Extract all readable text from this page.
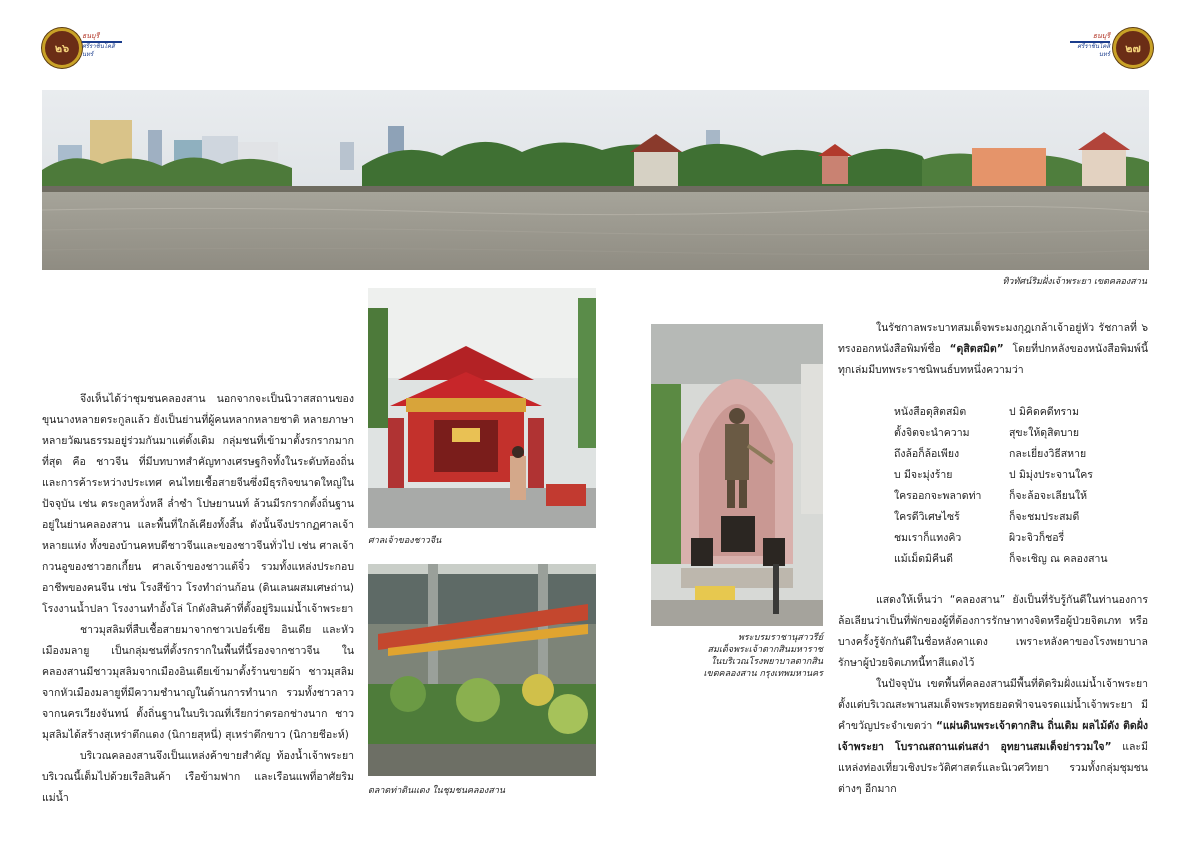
๒๖
ธนบุรี
ศรีราชินโคสินทร์
ธนบุรี
ศรีราชินโคสินทร์ ๒๗
ทิวทัศน์ริมฝั่งเจ้าพระยา เขตคลองสาน

จึงเห็นได้ว่าชุมชนคลองสาน นอกจากจะเป็นนิวาสสถานของขุนนางหลายตระกูลแล้ว ยังเป็นย่านที่ผู้คนหลากหลายชาติ หลายภาษา หลายวัฒนธรรมอยู่ร่วมกันมาแต่ดั้งเดิม กลุ่มชนที่เข้ามาตั้งรกรากมากที่สุด คือ ชาวจีน ที่มีบทบาทสำคัญทางเศรษฐกิจทั้งในระดับท้องถิ่น และการค้าระหว่างประเทศ คนไทยเชื้อสายจีนซึ่งมีธุรกิจขนาดใหญ่ในปัจจุบัน เช่น ตระกูลหวั่งหลี ล่ำซำ โปษยานนท์ ล้วนมีรกรากตั้งถิ่นฐานอยู่ในย่านคลองสาน และพื้นที่ใกล้เคียงทั้งสิ้น ดังนั้นจึงปรากฏศาลเจ้าหลายแห่ง ทั้งของบ้านคหบดีชาวจีนและของชาวจีนทั่วไป เช่น ศาลเจ้ากวนอูของชาวฮกเกี้ยน ศาลเจ้าของชาวแต้จิ๋ว รวมทั้งแหล่งประกอบอาชีพของคนจีน เช่น โรงสีข้าว โรงทำถ่านก้อน (ดินเลนผสมเศษถ่าน) โรงงานน้ำปลา โรงงานทำอั้งโล่ โกดังสินค้าที่ตั้งอยู่ริมแม่น้ำเจ้าพระยา

ชาวมุสลิมที่สืบเชื้อสายมาจากชาวเปอร์เซีย อินเดีย และหัวเมืองมลายู เป็นกลุ่มชนที่ตั้งรกรากในพื้นที่นี้รองจากชาวจีน ในคลองสานมีชาวมุสลิมจากเมืองอินเดียเข้ามาตั้งร้านขายผ้า ชาวมุสลิมจากหัวเมืองมลายูที่มีความชำนาญในด้านการทำนาก รวมทั้งชาวลาวจากนครเวียงจันทน์ ตั้งถิ่นฐานในบริเวณที่เรียกว่าตรอกช่างนาก ชาวมุสลิมได้สร้างสุเหร่าตึกแดง (นิกายสุหนี่) สุเหร่าตึกขาว (นิกายชีอะห์)

บริเวณคลองสานจึงเป็นแหล่งค้าขายสำคัญ ท้องน้ำเจ้าพระยาบริเวณนี้เต็มไปด้วยเรือสินค้า เรือข้ามฟาก และเรือนแพที่อาศัยริมแม่น้ำ

ศาลเจ้าของชาวจีน
ตลาดท่าดินแดง ในชุมชนคลองสาน
พระบรมราชานุสาวรีย์
สมเด็จพระเจ้าตากสินมหาราช
ในบริเวณโรงพยาบาลตากสิน
เขตคลองสาน กรุงเทพมหานคร

ในรัชกาลพระบาทสมเด็จพระมงกุฎเกล้าเจ้าอยู่หัว รัชกาลที่ ๖ ทรงออกหนังสือพิมพ์ชื่อ “ดุสิตสมิต” โดยที่ปกหลังของหนังสือพิมพ์นี้ ทุกเล่มมีบทพระราชนิพนธ์บทหนึ่งความว่า

หนังสือดุสิตสมิต	ป มิคิดคดีทราม
ตั้งจิตจะนำความ	สุขะให้ดุสิตบาย
ถึงล้อก็ล้อเพียง	กละเยี่ยงวิธีสหาย
บ มีจะมุ่งร้าย	ป มิมุ่งประจานใคร
ใครออกจะพลาดท่า	ก็จะล้อจะเลียนให้
ใครดีวิเศษไซร้	ก็จะชมประสมดี
ชมเราก็แทงคิว	ผิวะจิวก็ชอรี่
แม้เม็ดมิคีนดี	ก็จะเชิญ ณ คลองสาน

แสดงให้เห็นว่า “คลองสาน” ยังเป็นที่รับรู้กันดีในท่านองการล้อเลียนว่าเป็นที่พักของผู้ที่ต้องการรักษาทางจิตหรือผู้ป่วยจิตเภท หรือบางครั้งรู้จักกันดีในชื่อหลังคาแดง เพราะหลังคาของโรงพยาบาลรักษาผู้ป่วยจิตเภทนี้ทาสีแดงไว้

ในปัจจุบัน เขตพื้นที่คลองสานมีพื้นที่ติดริมฝั่งแม่น้ำเจ้าพระยาตั้งแต่บริเวณสะพานสมเด็จพระพุทธยอดฟ้าจนจรดแม่น้ำเจ้าพระยา มีคำขวัญประจำเขตว่า “แผ่นดินพระเจ้าตากสิน ถิ่นเดิม ผลไม้ดัง ติดฝั่งเจ้าพระยา โบราณสถานเด่นสง่า อุทยานสมเด็จย่ารวมใจ” และมีแหล่งท่องเที่ยวเชิงประวัติศาสตร์และนิเวศวิทยา รวมทั้งกลุ่มชุมชนต่างๆ อีกมาก
